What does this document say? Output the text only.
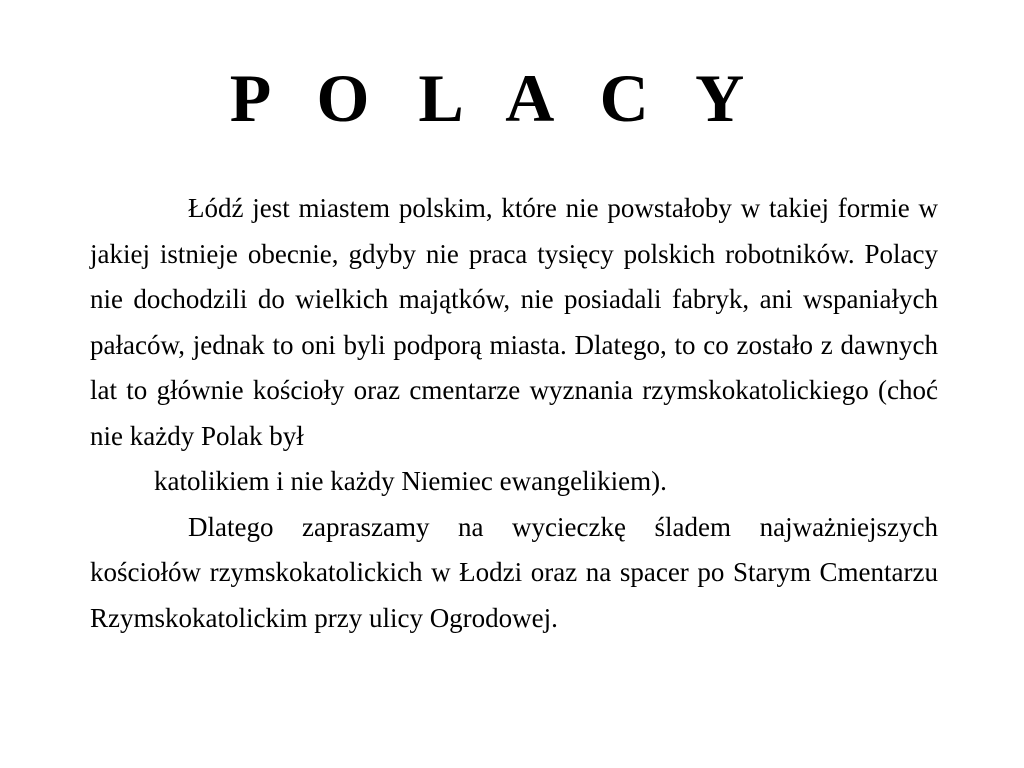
P O L A C Y

Łódź jest miastem polskim, które nie powstałoby w takiej formie w jakiej istnieje obecnie, gdyby nie praca tysięcy polskich robotników. Polacy nie dochodzili do wielkich majątków, nie posiadali fabryk, ani wspaniałych pałaców, jednak to oni byli podporą miasta. Dlatego, to co zostało z dawnych lat to głównie kościoły oraz cmentarze wyznania rzymskokatolickiego (choć nie każdy Polak był

katolikiem i nie każdy Niemiec ewangelikiem).

Dlatego zapraszamy na wycieczkę śladem najważniejszych kościołów rzymskokatolickich w Łodzi oraz na spacer po Starym Cmentarzu Rzymskokatolickim przy ulicy Ogrodowej.
